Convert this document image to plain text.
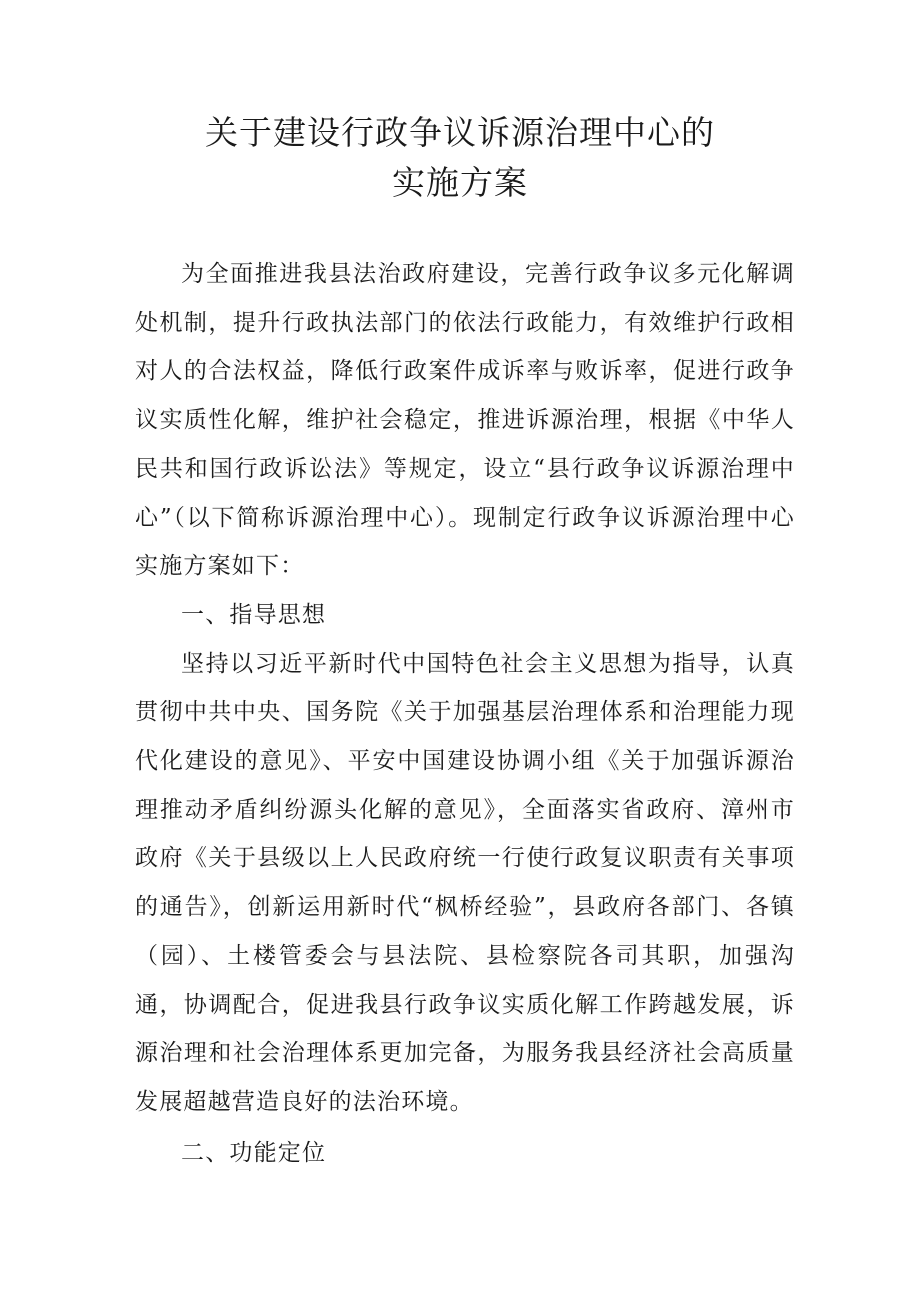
关于建设行政争议诉源治理中心的
实施方案

为全面推进我县法治政府建设，完善行政争议多元化解调处机制，提升行政执法部门的依法行政能力，有效维护行政相对人的合法权益，降低行政案件成诉率与败诉率，促进行政争议实质性化解，维护社会稳定，推进诉源治理，根据《中华人民共和国行政诉讼法》等规定，设立“县行政争议诉源治理中心”（以下简称诉源治理中心）。现制定行政争议诉源治理中心实施方案如下：

一、指导思想

坚持以习近平新时代中国特色社会主义思想为指导，认真贯彻中共中央、国务院《关于加强基层治理体系和治理能力现代化建设的意见》、平安中国建设协调小组《关于加强诉源治理推动矛盾纠纷源头化解的意见》，全面落实省政府、漳州市政府《关于县级以上人民政府统一行使行政复议职责有关事项的通告》，创新运用新时代“枫桥经验”，县政府各部门、各镇（园）、土楼管委会与县法院、县检察院各司其职，加强沟通，协调配合，促进我县行政争议实质化解工作跨越发展，诉源治理和社会治理体系更加完备，为服务我县经济社会高质量发展超越营造良好的法治环境。

二、功能定位
